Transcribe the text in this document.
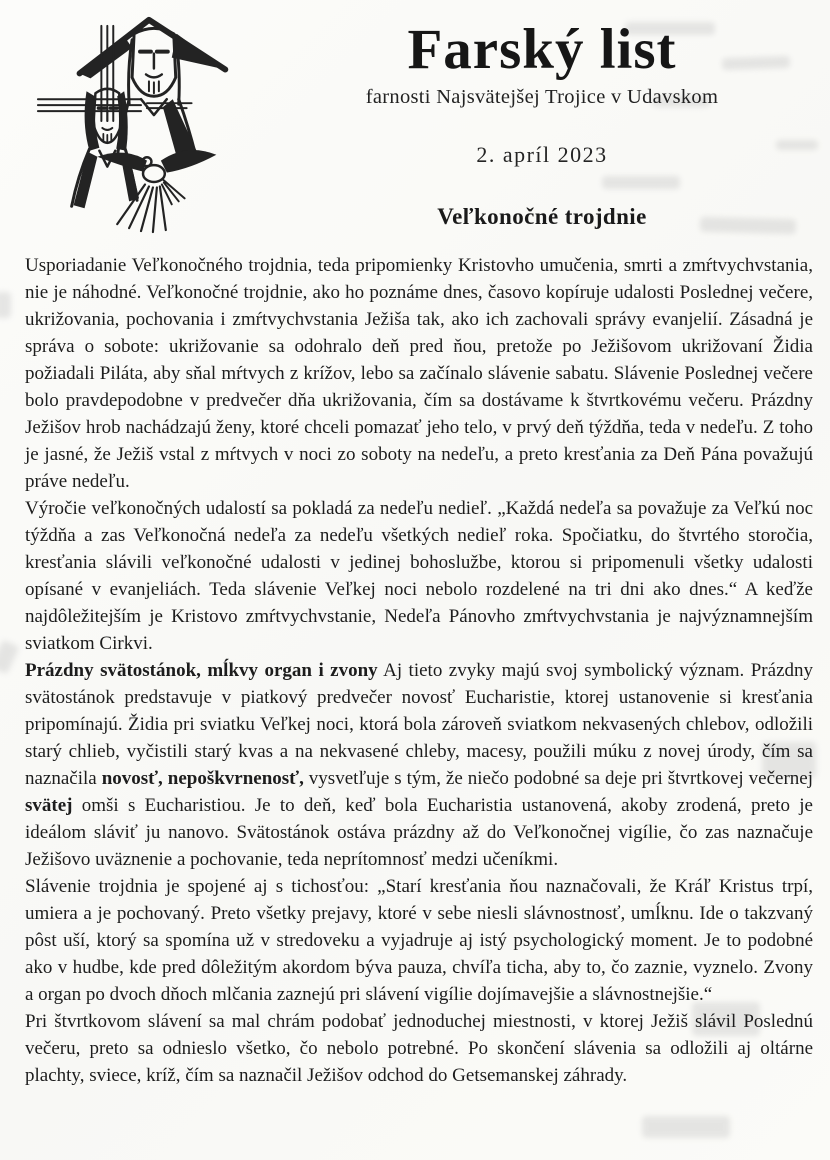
Farský list
farnosti Najsvätejšej Trojice v Udavskom
2. apríl 2023
Veľkonočné trojdnie

Usporiadanie Veľkonočného trojdnia, teda pripomienky Kristovho umučenia, smrti a zmŕtvychvstania, nie je náhodné. Veľkonočné trojdnie, ako ho poznáme dnes, časovo kopíruje udalosti Poslednej večere, ukrižovania, pochovania i zmŕtvychvstania Ježiša tak, ako ich zachovali správy evanjelií. Zásadná je správa o sobote: ukrižovanie sa odohralo deň pred ňou, pretože po Ježišovom ukrižovaní Židia požiadali Piláta, aby sňal mŕtvych z krížov, lebo sa začínalo slávenie sabatu. Slávenie Poslednej večere bolo pravdepodobne v predvečer dňa ukrižovania, čím sa dostávame k štvrtkovému večeru. Prázdny Ježišov hrob nachádzajú ženy, ktoré chceli pomazať jeho telo, v prvý deň týždňa, teda v nedeľu. Z toho je jasné, že Ježiš vstal z mŕtvych v noci zo soboty na nedeľu, a preto kresťania za Deň Pána považujú práve nedeľu.

Výročie veľkonočných udalostí sa pokladá za nedeľu nedieľ. „Každá nedeľa sa považuje za Veľkú noc týždňa a zas Veľkonočná nedeľa za nedeľu všetkých nedieľ roka. Spočiatku, do štvrtého storočia, kresťania slávili veľkonočné udalosti v jedinej bohoslužbe, ktorou si pripomenuli všetky udalosti opísané v evanjeliách. Teda slávenie Veľkej noci nebolo rozdelené na tri dni ako dnes.“ A keďže najdôležitejším je Kristovo zmŕtvychvstanie, Nedeľa Pánovho zmŕtvychvstania je najvýznamnejším sviatkom Cirkvi.

Prázdny svätostánok, mĺkvy organ i zvony Aj tieto zvyky majú svoj symbolický význam. Prázdny svätostánok predstavuje v piatkový predvečer novosť Eucharistie, ktorej ustanovenie si kresťania pripomínajú. Židia pri sviatku Veľkej noci, ktorá bola zároveň sviatkom nekvasených chlebov, odložili starý chlieb, vyčistili starý kvas a na nekvasené chleby, macesy, použili múku z novej úrody, čím sa naznačila novosť, nepoškvrnenosť, vysvetľuje s tým, že niečo podobné sa deje pri štvrtkovej večernej svätej omši s Eucharistiou. Je to deň, keď bola Eucharistia ustanovená, akoby zrodená, preto je ideálom sláviť ju nanovo. Svätostánok ostáva prázdny až do Veľkonočnej vigílie, čo zas naznačuje Ježišovo uväznenie a pochovanie, teda neprítomnosť medzi učeníkmi.

Slávenie trojdnia je spojené aj s tichosťou: „Starí kresťania ňou naznačovali, že Kráľ Kristus trpí, umiera a je pochovaný. Preto všetky prejavy, ktoré v sebe niesli slávnostnosť, umĺknu. Ide o takzvaný pôst uší, ktorý sa spomína už v stredoveku a vyjadruje aj istý psychologický moment. Je to podobné ako v hudbe, kde pred dôležitým akordom býva pauza, chvíľa ticha, aby to, čo zaznie, vyznelo. Zvony a organ po dvoch dňoch mlčania zaznejú pri slávení vigílie dojímavejšie a slávnostnejšie.“

Pri štvrtkovom slávení sa mal chrám podobať jednoduchej miestnosti, v ktorej Ježiš slávil Poslednú večeru, preto sa odnieslo všetko, čo nebolo potrebné. Po skončení slávenia sa odložili aj oltárne plachty, sviece, kríž, čím sa naznačil Ježišov odchod do Getsemanskej záhrady.
